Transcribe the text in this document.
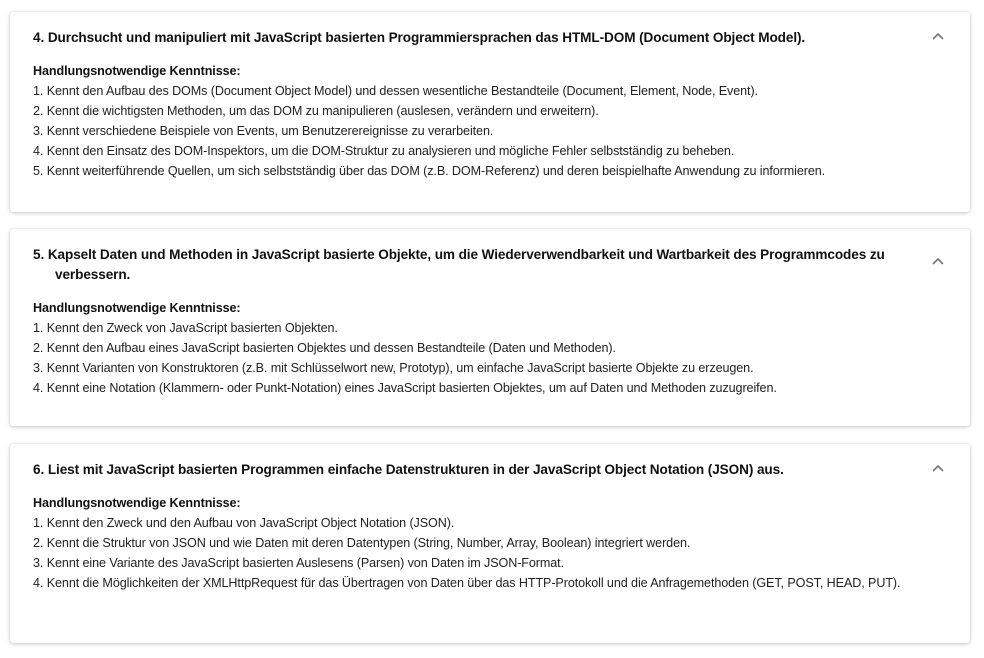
4. Durchsucht und manipuliert mit JavaScript basierten Programmiersprachen das HTML-DOM (Document Object Model).
Handlungsnotwendige Kenntnisse:
1. Kennt den Aufbau des DOMs (Document Object Model) und dessen wesentliche Bestandteile (Document, Element, Node, Event).
2. Kennt die wichtigsten Methoden, um das DOM zu manipulieren (auslesen, verändern und erweitern).
3. Kennt verschiedene Beispiele von Events, um Benutzerereignisse zu verarbeiten.
4. Kennt den Einsatz des DOM-Inspektors, um die DOM-Struktur zu analysieren und mögliche Fehler selbstständig zu beheben.
5. Kennt weiterführende Quellen, um sich selbstständig über das DOM (z.B. DOM-Referenz) und deren beispielhafte Anwendung zu informieren.
5. Kapselt Daten und Methoden in JavaScript basierte Objekte, um die Wiederverwendbarkeit und Wartbarkeit des Programmcodes zu verbessern.
Handlungsnotwendige Kenntnisse:
1. Kennt den Zweck von JavaScript basierten Objekten.
2. Kennt den Aufbau eines JavaScript basierten Objektes und dessen Bestandteile (Daten und Methoden).
3. Kennt Varianten von Konstruktoren (z.B. mit Schlüsselwort new, Prototyp), um einfache JavaScript basierte Objekte zu erzeugen.
4. Kennt eine Notation (Klammern- oder Punkt-Notation) eines JavaScript basierten Objektes, um auf Daten und Methoden zuzugreifen.
6. Liest mit JavaScript basierten Programmen einfache Datenstrukturen in der JavaScript Object Notation (JSON) aus.
Handlungsnotwendige Kenntnisse:
1. Kennt den Zweck und den Aufbau von JavaScript Object Notation (JSON).
2. Kennt die Struktur von JSON und wie Daten mit deren Datentypen (String, Number, Array, Boolean) integriert werden.
3. Kennt eine Variante des JavaScript basierten Auslesens (Parsen) von Daten im JSON-Format.
4. Kennt die Möglichkeiten der XMLHttpRequest für das Übertragen von Daten über das HTTP-Protokoll und die Anfragemethoden (GET, POST, HEAD, PUT).
